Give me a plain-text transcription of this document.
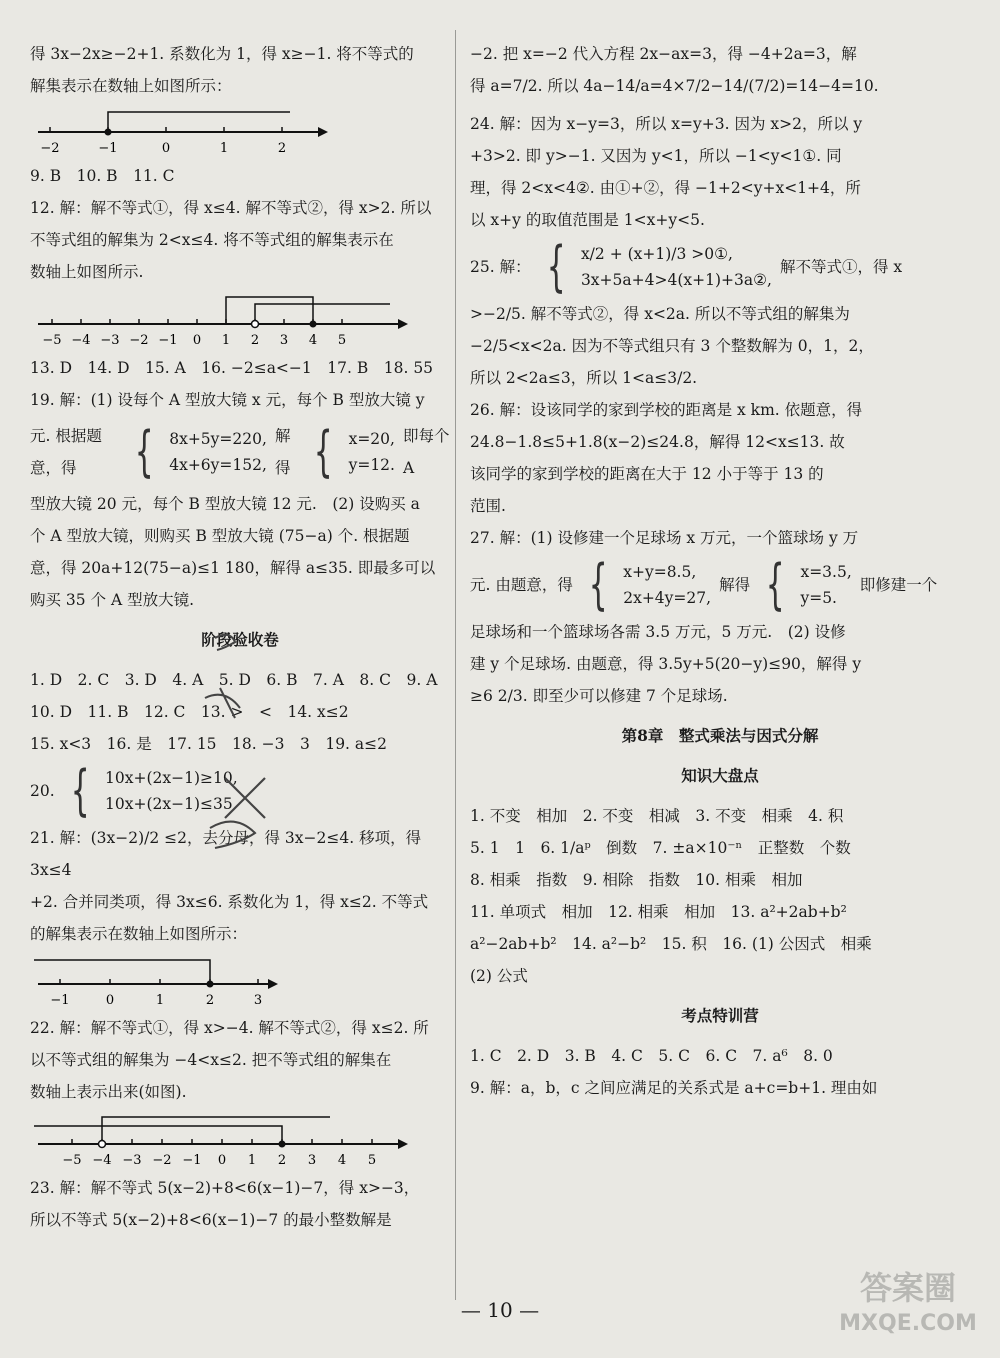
得 3x−2x≥−2+1. 系数化为 1，得 x≥−1. 将不等式的

解集表示在数轴上如图所示：

−2	−1	0	1	2

9. B　10. B　11. C

12. 解：解不等式①，得 x≤4. 解不等式②，得 x>2. 所以

不等式组的解集为 2<x≤4. 将不等式组的解集表示在

数轴上如图所示.

−5 −4 −3 −2 −1 0 1 2 3 4 5

13. D　14. D　15. A　16. −2≤a<−1　17. B　18. 55

19. 解：(1) 设每个 A 型放大镜 x 元，每个 B 型放大镜 y

元. 根据题意，得	{ 8x+5y=220,
4x+6y=152,
解得 { x=20,
y=12.
即每个 A

型放大镜 20 元，每个 B 型放大镜 12 元.　(2) 设购买 a

个 A 型放大镜，则购买 B 型放大镜 (75−a) 个. 根据题

意，得 20a+12(75−a)≤1 180，解得 a≤35. 即最多可以

购买 35 个 A 型放大镜.

阶段验收卷

1. D　2. C　3. D　4. A　5. D　6. B　7. A　8. C　9. A

10. D　11. B　12. C　13. >　<　14. x≤2

15. x<3　16. 是　17. 15　18. −3　3　19. a≤2

20. { 10x+(2x−1)≥10,
10x+(2x−1)≤35

21. 解：(3x−2)/2 ≤2，去分母，得 3x−2≤4. 移项，得 3x≤4

+2. 合并同类项，得 3x≤6. 系数化为 1，得 x≤2. 不等式

的解集表示在数轴上如图所示：

−1	0	1	2	3

22. 解：解不等式①，得 x>−4. 解不等式②，得 x≤2. 所

以不等式组的解集为 −4<x≤2. 把不等式组的解集在

数轴上表示出来(如图).

−5 −4 −3 −2 −1 0 1 2 3 4 5

23. 解：解不等式 5(x−2)+8<6(x−1)−7，得 x>−3，

所以不等式 5(x−2)+8<6(x−1)−7 的最小整数解是

−2. 把 x=−2 代入方程 2x−ax=3，得 −4+2a=3，解

得 a=7/2. 所以 4a−14/a=4×7/2−14/(7/2)=14−4=10.

24. 解：因为 x−y=3，所以 x=y+3. 因为 x>2，所以 y

+3>2. 即 y>−1. 又因为 y<1，所以 −1<y<1①. 同

理，得 2<x<4②. 由①+②，得 −1+2<y+x<1+4，所

以 x+y 的取值范围是 1<x+y<5.

25. 解： { x/2 + (x+1)/3 >0①,
3x+5a+4>4(x+1)+3a②,
解不等式①，得 x

>−2/5. 解不等式②，得 x<2a. 所以不等式组的解集为

−2/5<x<2a. 因为不等式组只有 3 个整数解为 0，1，2，

所以 2<2a≤3，所以 1<a≤3/2.

26. 解：设该同学的家到学校的距离是 x km. 依题意，得

24.8−1.8≤5+1.8(x−2)≤24.8，解得 12<x≤13. 故

该同学的家到学校的距离在大于 12 小于等于 13 的

范围.

27. 解：(1) 设修建一个足球场 x 万元，一个篮球场 y 万

元. 由题意，得 { x+y=8.5,
2x+4y=27,
解得 { x=3.5,
y=5.
即修建一个

足球场和一个篮球场各需 3.5 万元，5 万元.　(2) 设修

建 y 个足球场. 由题意，得 3.5y+5(20−y)≤90，解得 y

≥6 2/3. 即至少可以修建 7 个足球场.

第8章　整式乘法与因式分解
知识大盘点

1. 不变　相加　2. 不变　相减　3. 不变　相乘　4. 积

5. 1　1　6. 1/aᵖ　倒数　7. ±a×10⁻ⁿ　正整数　个数

8. 相乘　指数　9. 相除　指数　10. 相乘　相加

11. 单项式　相加　12. 相乘　相加　13. a²+2ab+b²

a²−2ab+b²　14. a²−b²　15. 积　16. (1) 公因式　相乘

(2) 公式

考点特训营

1. C　2. D　3. B　4. C　5. C　6. C　7. a⁶　8. 0

9. 解：a，b，c 之间应满足的关系式是 a+c=b+1. 理由如

— 10 —
答案圈
MXQE.COM
